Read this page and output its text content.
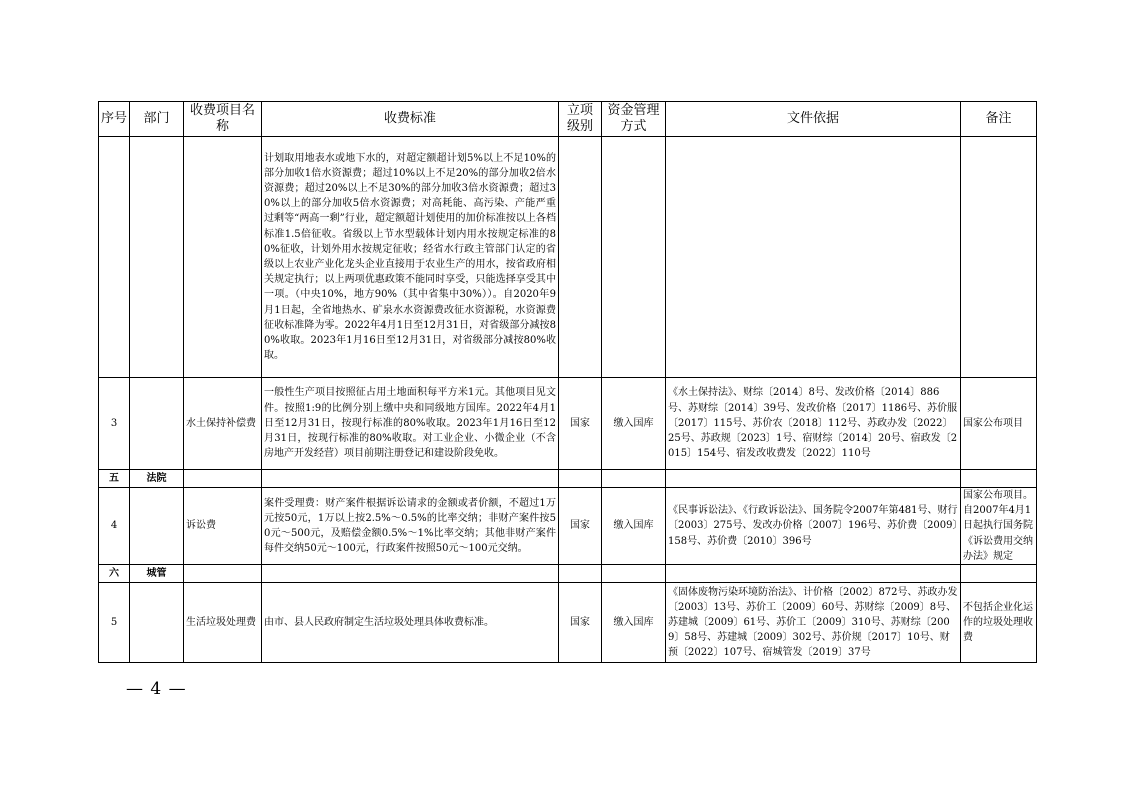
序号	部门	收费项目名称	收费标准	立项级别	资金管理方式	文件依据	备注
			计划取用地表水或地下水的，对超定额超计划5%以上不足10%的部分加收1倍水资源费；超过10%以上不足20%的部分加收2倍水资源费；超过20%以上不足30%的部分加收3倍水资源费；超过30%以上的部分加收5倍水资源费；对高耗能、高污染、产能严重过剩等“两高一剩”行业，超定额超计划使用的加价标准按以上各档标准1.5倍征收。省级以上节水型载体计划内用水按规定标准的80%征收，计划外用水按规定征收；经省水行政主管部门认定的省级以上农业产业化龙头企业直接用于农业生产的用水，按省政府相关规定执行；以上两项优惠政策不能同时享受，只能选择享受其中一项。（中央10%，地方90%（其中省集中30%））。自2020年9月1日起，全省地热水、矿泉水水资源费改征水资源税，水资源费征收标准降为零。2022年4月1日至12月31日，对省级部分减按80%收取。2023年1月16日至12月31日，对省级部分减按80%收取。				
3		水土保持补偿费	一般性生产项目按照征占用土地面积每平方米1元。其他项目见文件。按照1:9的比例分别上缴中央和同级地方国库。2022年4月1日至12月31日，按现行标准的80%收取。2023年1月16日至12月31日，按现行标准的80%收取。对工业企业、小微企业（不含房地产开发经营）项目前期注册登记和建设阶段免收。	国家	缴入国库	《水土保持法》、财综〔2014〕8号、发改价格〔2014〕886号、苏财综〔2014〕39号、发改价格〔2017〕1186号、苏价服〔2017〕115号、苏价农〔2018〕112号、苏政办发〔2022〕25号、苏政规〔2023〕1号、宿财综〔2014〕20号、宿政发〔2015〕154号、宿发改收费发〔2022〕110号	国家公布项目
五	法院						
4		诉讼费	案件受理费：财产案件根据诉讼请求的金额或者价额，不超过1万元按50元，1万以上按2.5%～0.5%的比率交纳；非财产案件按50元～500元，及赔偿金额0.5%～1%比率交纳；其他非财产案件每件交纳50元～100元，行政案件按照50元～100元交纳。	国家	缴入国库	《民事诉讼法》、《行政诉讼法》、国务院令2007年第481号、财行〔2003〕275号、发改办价格〔2007〕196号、苏价费〔2009〕158号、苏价费〔2010〕396号	国家公布项目。自2007年4月1日起执行国务院《诉讼费用交纳办法》规定
六	城管						
5		生活垃圾处理费	由市、县人民政府制定生活垃圾处理具体收费标准。	国家	缴入国库	《固体废物污染环境防治法》、计价格〔2002〕872号、苏政办发〔2003〕13号、苏价工〔2009〕60号、苏财综〔2009〕8号、苏建城〔2009〕61号、苏价工〔2009〕310号、苏财综〔2009〕58号、苏建城〔2009〕302号、苏价规〔2017〕10号、财预〔2022〕107号、宿城管发〔2019〕37号	不包括企业化运作的垃圾处理收费
— 4 —
